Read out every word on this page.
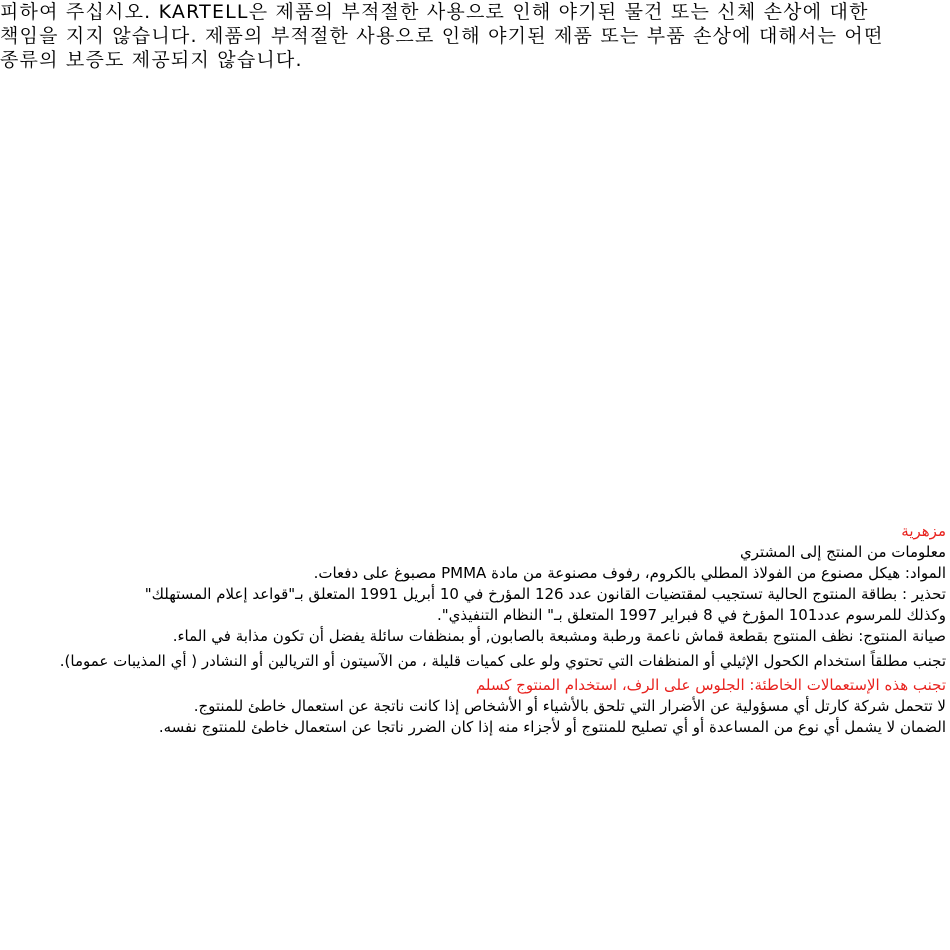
피하여 주십시오. KARTELL은 제품의 부적절한 사용으로 인해 야기된 물건 또는 신체 손상에 대한
책임을 지지 않습니다. 제품의 부적절한 사용으로 인해 야기된 제품 또는 부품 손상에 대해서는 어떤
종류의 보증도 제공되지 않습니다.
مزهرية
معلومات من المنتج إلى المشتري
المواد: هيكل مصنوع من الفولاذ المطلي بالكروم، رفوف مصنوعة من مادة PMMA مصبوغ على دفعات.
تحذير : بطاقة المنتوج الحالية تستجيب لمقتضيات القانون عدد 126 المؤرخ في 10 أبريل 1991 المتعلق بـ"قواعد إعلام المستهلك"
وكذلك للمرسوم عدد101 المؤرخ في 8 فبراير 1997 المتعلق بـ" النظام التنفيذي".
صيانة المنتوج: نظف المنتوج بقطعة قماش ناعمة ورطبة ومشبعة بالصابون, أو بمنظفات سائلة يفضل أن تكون مذابة في الماء.
تجنب مطلقاً استخدام الكحول الإثيلي أو المنظفات التي تحتوي ولو على كميات قليلة ، من الآسيتون أو التريالين أو النشادر ( أي المذيبات عموما).
تجنب هذه الإستعمالات الخاطئة: الجلوس على الرف، استخدام المنتوج كسلم
لا تتحمل شركة كارتل أي مسؤولية عن الأضرار التي تلحق بالأشياء أو الأشخاص إذا كانت ناتجة عن استعمال خاطئ للمنتوج.
الضمان لا يشمل أي نوع من المساعدة أو أي تصليح للمنتوج أو لأجزاء منه إذا كان الضرر ناتجا عن استعمال خاطئ للمنتوج نفسه.
